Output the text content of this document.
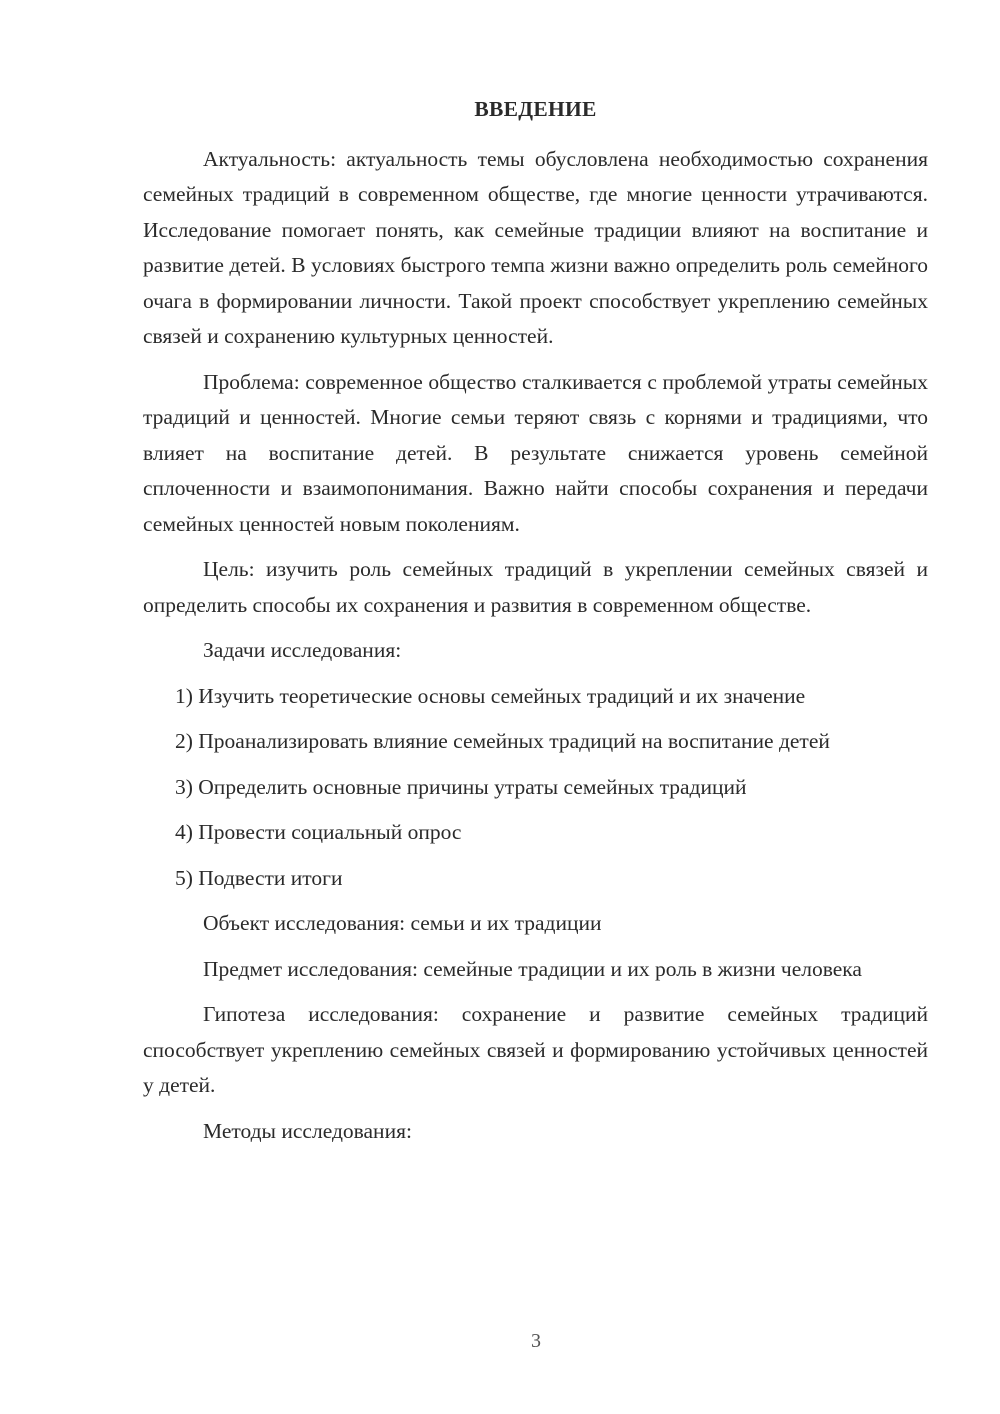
ВВЕДЕНИЕ

Актуальность: актуальность темы обусловлена необходимостью сохранения семейных традиций в современном обществе, где многие ценности утрачиваются. Исследование помогает понять, как семейные традиции влияют на воспитание и развитие детей. В условиях быстрого темпа жизни важно определить роль семейного очага в формировании личности. Такой проект способствует укреплению семейных связей и сохранению культурных ценностей.

Проблема: современное общество сталкивается с проблемой утраты семейных традиций и ценностей. Многие семьи теряют связь с корнями и традициями, что влияет на воспитание детей. В результате снижается уровень семейной сплоченности и взаимопонимания. Важно найти способы сохранения и передачи семейных ценностей новым поколениям.

Цель: изучить роль семейных традиций в укреплении семейных связей и определить способы их сохранения и развития в современном обществе.

Задачи исследования:

1) Изучить теоретические основы семейных традиций и их значение

2) Проанализировать влияние семейных традиций на воспитание детей

3) Определить основные причины утраты семейных традиций

4) Провести социальный опрос

5) Подвести итоги

Объект исследования: семьи и их традиции

Предмет исследования: семейные традиции и их роль в жизни человека

Гипотеза исследования: сохранение и развитие семейных традиций способствует укреплению семейных связей и формированию устойчивых ценностей у детей.

Методы исследования:

3
